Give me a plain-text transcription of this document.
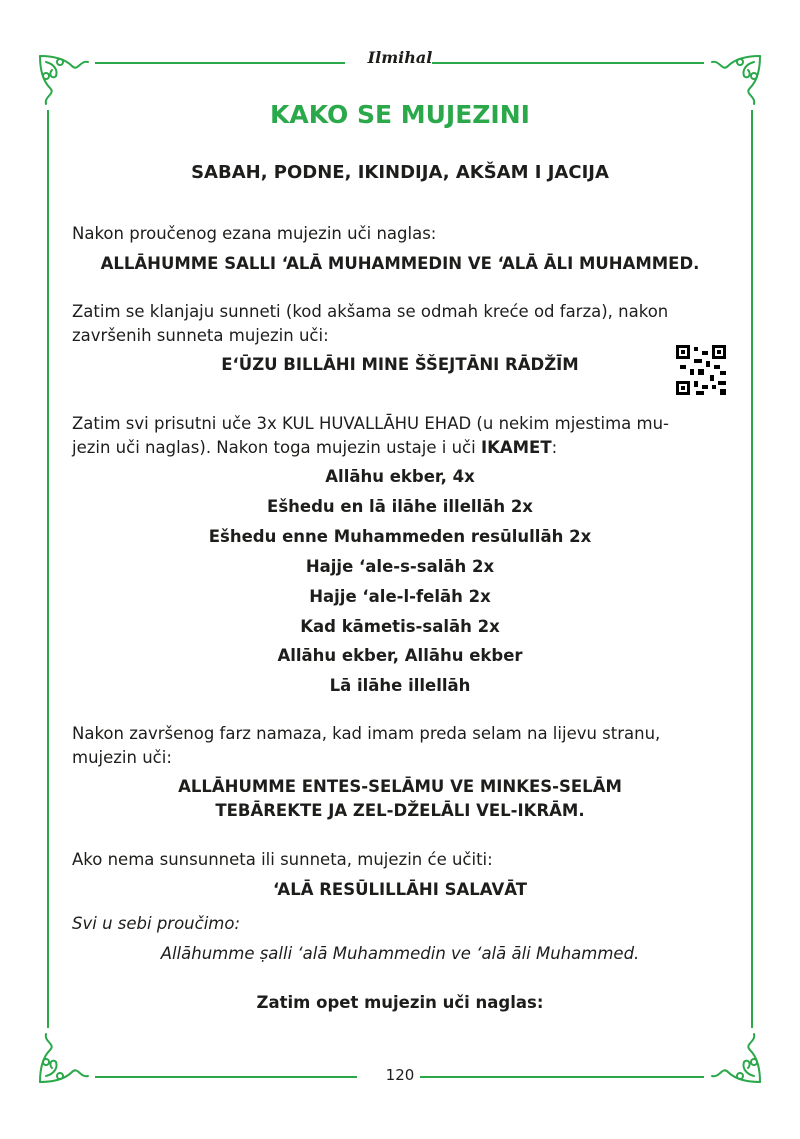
Ilmihal
120
KAKO SE MUJEZINI
SABAH, PODNE, IKINDIJA, AKŠAM I JACIJA

Nakon proučenog ezana mujezin uči naglas:

ALLĀHUMME SALLI ‘ALĀ MUHAMMEDIN VE ‘ALĀ ĀLI MUHAMMED.

Zatim se klanjaju sunneti (kod akšama se odmah kreće od farza), nakon

završenih sunneta mujezin uči:

E‘ŪZU BILLĀHI MINE ŠŠEJTĀNI RĀDŽĪM

Zatim svi prisutni uče 3x KUL HUVALLĀHU EHAD (u nekim mjestima mu-

jezin uči naglas). Nakon toga mujezin ustaje i uči IKAMET:

Allāhu ekber, 4x

Ešhedu en lā ilāhe illellāh 2x

Ešhedu enne Muhammeden resūlullāh 2x

Hajje ‘ale-s-salāh 2x

Hajje ‘ale-l-felāh 2x

Kad kāmetis-salāh 2x

Allāhu ekber, Allāhu ekber

Lā ilāhe illellāh

Nakon završenog farz namaza, kad imam preda selam na lijevu stranu,

mujezin uči:

ALLĀHUMME ENTES-SELĀMU VE MINKES-SELĀM

TEBĀREKTE JA ZEL-DŽELĀLI VEL-IKRĀM.

Ako nema sunsunneta ili sunneta, mujezin će učiti:

‘ALĀ RESŪLILLĀHI SALAVĀT

Svi u sebi proučimo:

Allāhumme ṣalli ‘alā Muhammedin ve ‘alā āli Muhammed.

Zatim opet mujezin uči naglas:
